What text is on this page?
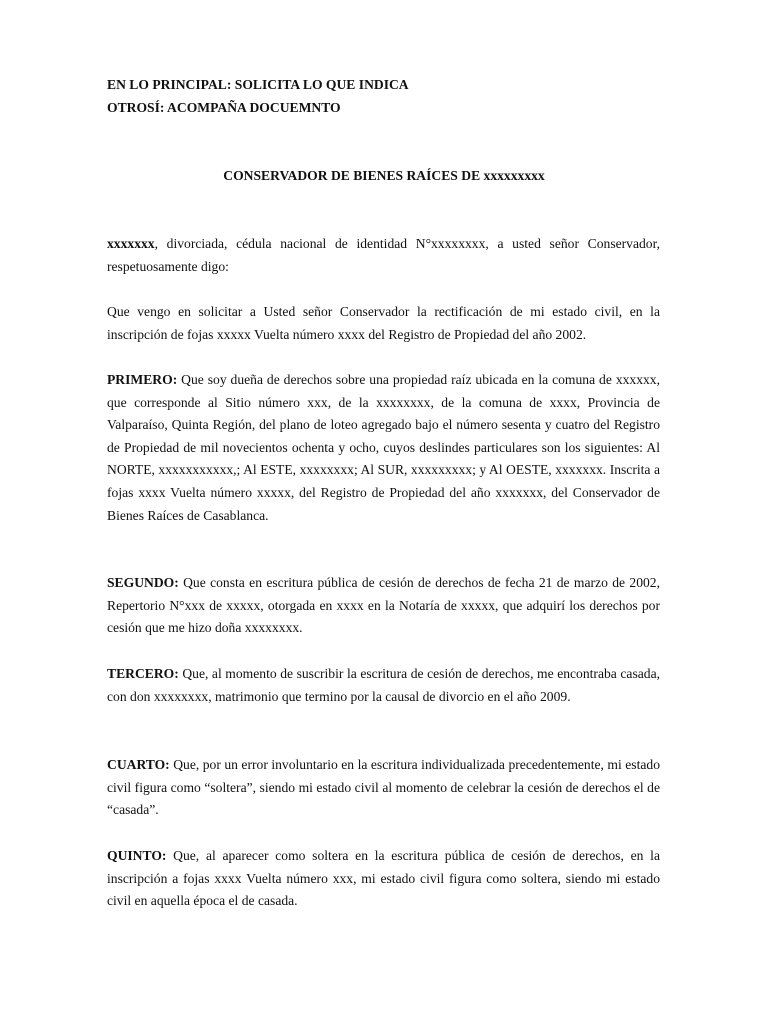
EN LO PRINCIPAL: SOLICITA LO QUE INDICA
OTROSÍ: ACOMPAÑA DOCUEMNTO
CONSERVADOR DE BIENES RAÍCES DE xxxxxxxxx

xxxxxxx, divorciada, cédula nacional de identidad N°xxxxxxxx, a usted señor Conservador, respetuosamente digo:

Que vengo en solicitar a Usted señor Conservador la rectificación de mi estado civil, en la inscripción de fojas xxxxx Vuelta número xxxx del Registro de Propiedad del año 2002.

PRIMERO: Que soy dueña de derechos sobre una propiedad raíz ubicada en la comuna de xxxxxx, que corresponde al Sitio número xxx, de la xxxxxxxx, de la comuna de xxxx, Provincia de Valparaíso, Quinta Región, del plano de loteo agregado bajo el número sesenta y cuatro del Registro de Propiedad de mil novecientos ochenta y ocho, cuyos deslindes particulares son los siguientes: Al NORTE, xxxxxxxxxxx,; Al ESTE, xxxxxxxx; Al SUR, xxxxxxxxx; y Al OESTE, xxxxxxx. Inscrita a fojas xxxx Vuelta número xxxxx, del Registro de Propiedad del año xxxxxxx, del Conservador de Bienes Raíces de Casablanca.

SEGUNDO: Que consta en escritura pública de cesión de derechos de fecha 21 de marzo de 2002, Repertorio N°xxx de xxxxx, otorgada en xxxx en la Notaría de xxxxx, que adquirí los derechos por cesión que me hizo doña xxxxxxxx.

TERCERO: Que, al momento de suscribir la escritura de cesión de derechos, me encontraba casada, con don xxxxxxxx, matrimonio que termino por la causal de divorcio en el año 2009.

CUARTO: Que, por un error involuntario en la escritura individualizada precedentemente, mi estado civil figura como “soltera”, siendo mi estado civil al momento de celebrar la cesión de derechos el de “casada”.

QUINTO: Que, al aparecer como soltera en la escritura pública de cesión de derechos, en la inscripción a fojas xxxx Vuelta número xxx, mi estado civil figura como soltera, siendo mi estado civil en aquella época el de casada.
